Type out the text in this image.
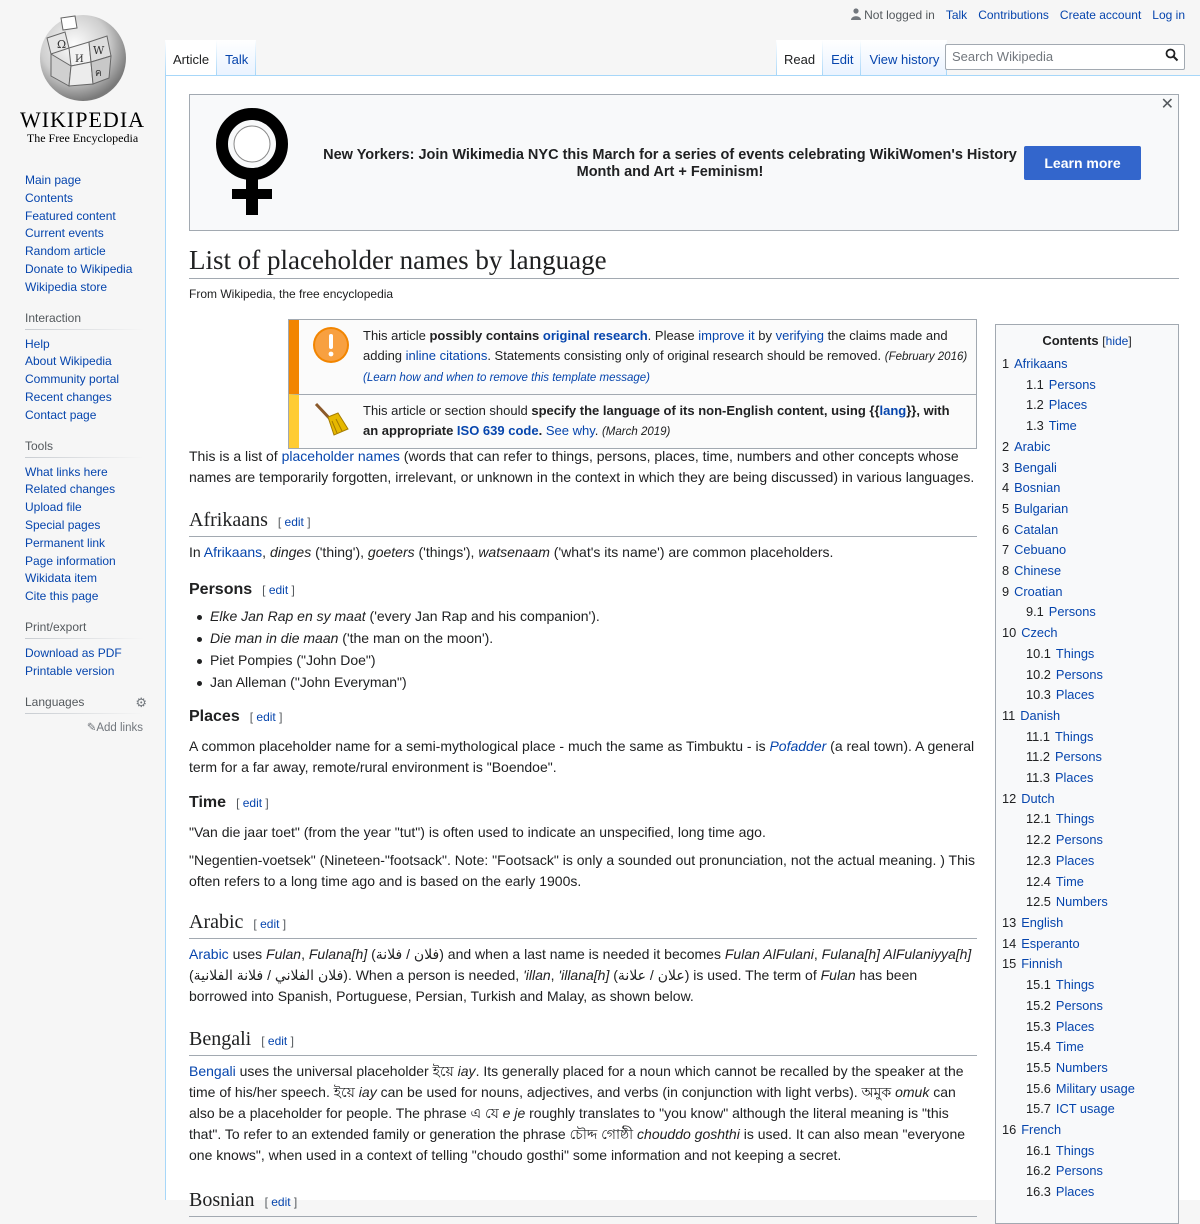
Ω W
И
ค
WIKIPEDIA
The Free Encyclopedia
Main page
Contents
Featured content
Current events
Random article
Donate to Wikipedia
Wikipedia store
Interaction
Help
About Wikipedia
Community portal
Recent changes
Contact page
Tools
What links here
Related changes
Upload file
Special pages
Permanent link
Page information
Wikidata item
Cite this page
Print/export
Download as PDF
Printable version
Languages	⚙
✎Add links
Not logged in Talk Contributions Create account Log in
Article Talk	Read Edit View history Search Wikipedia
New Yorkers: Join Wikimedia NYC this March for a series of events celebrating WikiWomen's History Month and Art + Feminism!
Learn more
✕
List of placeholder names by language
From Wikipedia, the free encyclopedia
This article possibly contains original research. Please improve it by verifying the claims made and adding inline citations. Statements consisting only of original research should be removed. (February 2016) (Learn how and when to remove this template message)
This article or section should specify the language of its non-English content, using {{lang}}, with an appropriate ISO 639 code. See why. (March 2019)
Contents [hide]
1 Afrikaans
1.1 Persons
1.2 Places
1.3 Time
2 Arabic
3 Bengali
4 Bosnian
5 Bulgarian
6 Catalan
7 Cebuano
8 Chinese
9 Croatian
9.1 Persons
10 Czech
10.1 Things
10.2 Persons
10.3 Places
11 Danish
11.1 Things
11.2 Persons
11.3 Places
12 Dutch
12.1 Things
12.2 Persons
12.3 Places
12.4 Time
12.5 Numbers
13 English
14 Esperanto
15 Finnish
15.1 Things
15.2 Persons
15.3 Places
15.4 Time
15.5 Numbers
15.6 Military usage
15.7 ICT usage
16 French
16.1 Things
16.2 Persons
16.3 Places

This is a list of placeholder names (words that can refer to things, persons, places, time, numbers and other concepts whose names are temporarily forgotten, irrelevant, or unknown in the context in which they are being discussed) in various languages.

Afrikaans [ edit ]

In Afrikaans, dinges ('thing'), goeters ('things'), watsenaam ('what's its name') are common placeholders.

Persons [ edit ]
Elke Jan Rap en sy maat ('every Jan Rap and his companion').
Die man in die maan ('the man on the moon').
Piet Pompies ("John Doe")
Jan Alleman ("John Everyman")
Places [ edit ]

A common placeholder name for a semi-mythological place - much the same as Timbuktu - is Pofadder (a real town). A general term for a far away, remote/rural environment is "Boendoe".

Time [ edit ]

"Van die jaar toet" (from the year "tut") is often used to indicate an unspecified, long time ago.

"Negentien-voetsek" (Nineteen-"footsack". Note: "Footsack" is only a sounded out pronunciation, not the actual meaning. ) This often refers to a long time ago and is based on the early 1900s.

Arabic [ edit ]

Arabic uses Fulan, Fulana[h] (فلان / فلانة) and when a last name is needed it becomes Fulan AlFulani, Fulana[h] AlFulaniyya[h] (فلان الفلاني / فلانة الفلانية). When a person is needed, 'illan, 'illana[h] (علان / علانة) is used. The term of Fulan has been borrowed into Spanish, Portuguese, Persian, Turkish and Malay, as shown below.

Bengali [ edit ]

Bengali uses the universal placeholder ইয়ে iay. Its generally placed for a noun which cannot be recalled by the speaker at the time of his/her speech. ইয়ে iay can be used for nouns, adjectives, and verbs (in conjunction with light verbs). অমুক omuk can also be a placeholder for people. The phrase এ যে e je roughly translates to "you know" although the literal meaning is "this that". To refer to an extended family or generation the phrase চৌদ্দ গোষ্ঠী chouddo goshthi is used. It can also mean "everyone one knows", when used in a context of telling "choudo gosthi" some information and not keeping a secret.

Bosnian [ edit ]
